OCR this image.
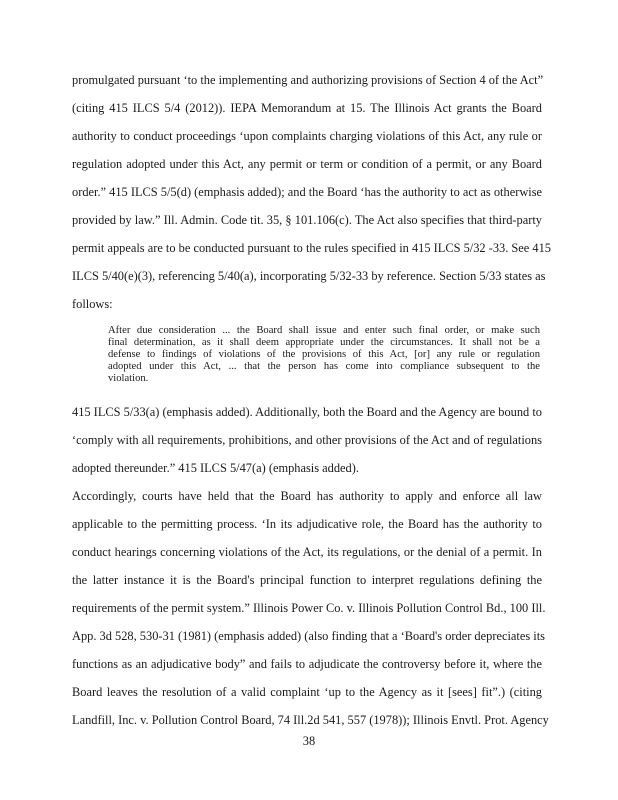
promulgated pursuant ‘to the implementing and authorizing provisions of Section 4 of the Act”
(citing 415 ILCS 5/4 (2012)). IEPA Memorandum at 15. The Illinois Act grants the Board
authority to conduct proceedings ‘upon complaints charging violations of this Act, any rule or
regulation adopted under this Act, any permit or term or condition of a permit, or any Board
order.” 415 ILCS 5/5(d) (emphasis added); and the Board ‘has the authority to act as otherwise
provided by law.” Ill. Admin. Code tit. 35, § 101.106(c). The Act also specifies that third-party
permit appeals are to be conducted pursuant to the rules specified in 415 ILCS 5/32 -33. See 415
ILCS 5/40(e)(3), referencing 5/40(a), incorporating 5/32-33 by reference. Section 5/33 states as
follows:
After due consideration ... the Board shall issue and enter such final order, or make such
final determination, as it shall deem appropriate under the circumstances. It shall not be a
defense to findings of violations of the provisions of this Act, [or] any rule or regulation
adopted under this Act, ... that the person has come into compliance subsequent to the
violation.
415 ILCS 5/33(a) (emphasis added). Additionally, both the Board and the Agency are bound to
‘comply with all requirements, prohibitions, and other provisions of the Act and of regulations
adopted thereunder.” 415 ILCS 5/47(a) (emphasis added).
Accordingly, courts have held that the Board has authority to apply and enforce all law
applicable to the permitting process. ‘In its adjudicative role, the Board has the authority to
conduct hearings concerning violations of the Act, its regulations, or the denial of a permit. In
the latter instance it is the Board's principal function to interpret regulations defining the
requirements of the permit system.” Illinois Power Co. v. Illinois Pollution Control Bd., 100 Ill.
App. 3d 528, 530-31 (1981) (emphasis added) (also finding that a ‘Board's order depreciates its
functions as an adjudicative body” and fails to adjudicate the controversy before it, where the
Board leaves the resolution of a valid complaint ‘up to the Agency as it [sees] fit”.) (citing
Landfill, Inc. v. Pollution Control Board, 74 Ill.2d 541, 557 (1978)); Illinois Envtl. Prot. Agency
38
